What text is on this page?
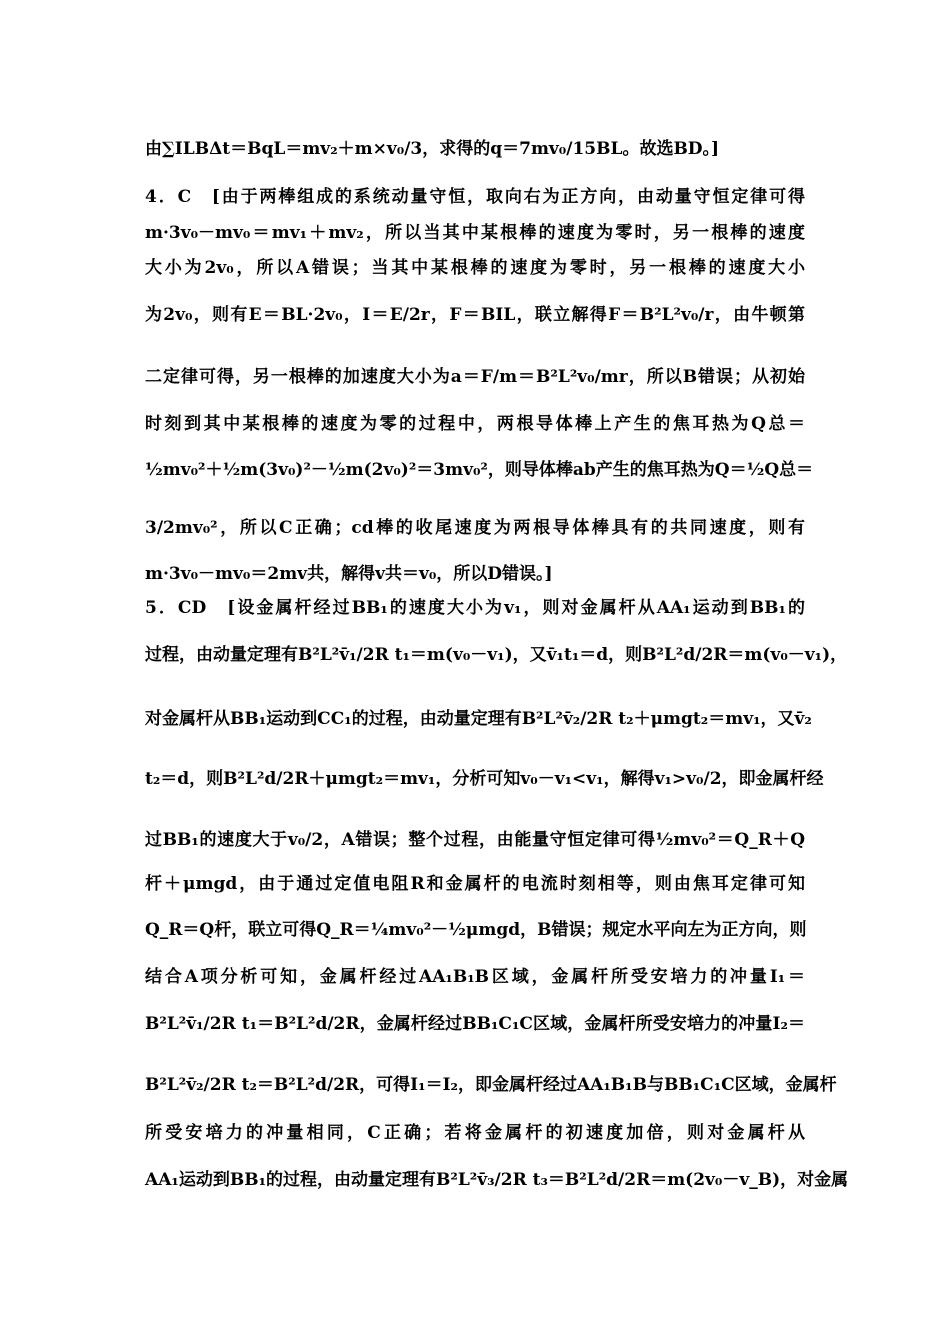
由∑ILBΔt＝BqL＝mv₂＋m×v₀/3，求得的q＝7mv₀/15BL。故选BD。]
4．C　[由于两棒组成的系统动量守恒，取向右为正方向，由动量守恒定律可得
m·3v₀－mv₀＝mv₁＋mv₂，所以当其中某根棒的速度为零时，另一根棒的速度
大小为2v₀，所以A错误；当其中某根棒的速度为零时，另一根棒的速度大小
为2v₀，则有E＝BL·2v₀，I＝E/2r，F＝BIL，联立解得F＝B²L²v₀/r，由牛顿第
二定律可得，另一根棒的加速度大小为a＝F/m＝B²L²v₀/mr，所以B错误；从初始
时刻到其中某根棒的速度为零的过程中，两根导体棒上产生的焦耳热为Q总＝
½mv₀²＋½m(3v₀)²－½m(2v₀)²＝3mv₀²，则导体棒ab产生的焦耳热为Q＝½Q总＝
3/2mv₀²，所以C正确；cd棒的收尾速度为两根导体棒具有的共同速度，则有
m·3v₀－mv₀＝2mv共，解得v共＝v₀，所以D错误。]
5．CD　[设金属杆经过BB₁的速度大小为v₁，则对金属杆从AA₁运动到BB₁的
过程，由动量定理有B²L²v̄₁/2R t₁＝m(v₀－v₁)，又v̄₁t₁＝d，则B²L²d/2R＝m(v₀－v₁)，
对金属杆从BB₁运动到CC₁的过程，由动量定理有B²L²v̄₂/2R t₂＋μmgt₂＝mv₁，又v̄₂
t₂＝d，则B²L²d/2R＋μmgt₂＝mv₁，分析可知v₀－v₁<v₁，解得v₁>v₀/2，即金属杆经
过BB₁的速度大于v₀/2，A错误；整个过程，由能量守恒定律可得½mv₀²＝Q_R＋Q
杆＋μmgd，由于通过定值电阻R和金属杆的电流时刻相等，则由焦耳定律可知
Q_R＝Q杆，联立可得Q_R＝¼mv₀²－½μmgd，B错误；规定水平向左为正方向，则
结合A项分析可知，金属杆经过AA₁B₁B区域，金属杆所受安培力的冲量I₁＝
B²L²v̄₁/2R t₁＝B²L²d/2R，金属杆经过BB₁C₁C区域，金属杆所受安培力的冲量I₂＝
B²L²v̄₂/2R t₂＝B²L²d/2R，可得I₁＝I₂，即金属杆经过AA₁B₁B与BB₁C₁C区域，金属杆
所受安培力的冲量相同，C正确；若将金属杆的初速度加倍，则对金属杆从
AA₁运动到BB₁的过程，由动量定理有B²L²v̄₃/2R t₃＝B²L²d/2R＝m(2v₀－v_B)，对金属
